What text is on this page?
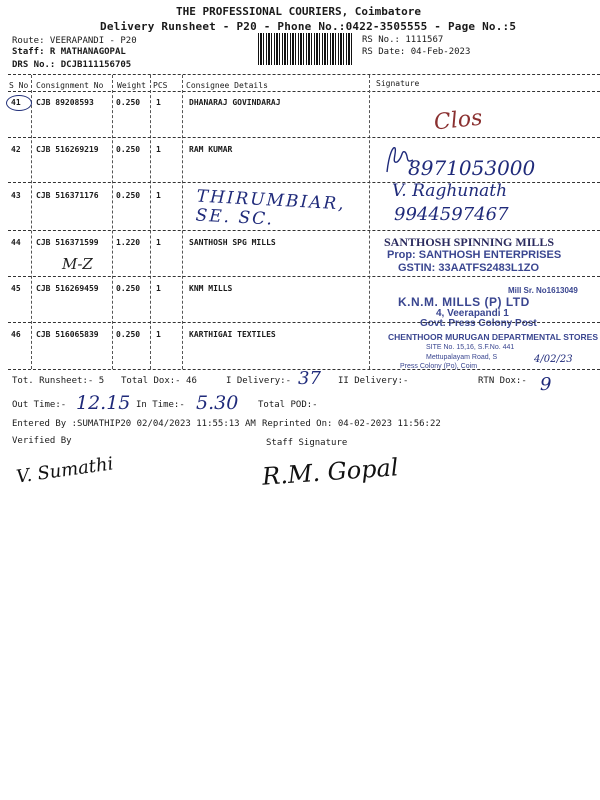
THE PROFESSIONAL COURIERS, Coimbatore
Delivery Runsheet - P20 - Phone No.:0422-3505555 - Page No.:5
Route: VEERAPANDI - P20
Staff: R MATHANAGOPAL
DRS No.: DCJB111156705
RS No.: 1111567
RS Date: 04-Feb-2023
S No Consignment No Weight PCS Consignee Details	Signature
41 CJB 89208593	0.250 1	DHANARAJ GOVINDARAJ
Clos
42 CJB 516269219 0.250 1	RAM KUMAR
8971053000
43 CJB 516371176 0.250 1 THIRUMBIAR, SE. SC.
V. Raghunath
9944597467
44 CJB 516371599 1.220 1	SANTHOSH SPG MILLS
M-Z
SANTHOSH SPINNING MILLS
Prop: SANTHOSH ENTERPRISES
GSTIN: 33AATFS2483L1ZO
45 CJB 516269459 0.250 1	KNM MILLS	Mill Sr. No1613049
K.N.M. MILLS (P) LTD
4, Veerapandi 1
Govt. Press Colony Post
46 CJB 516065839 0.250 1	KARTHIGAI TEXTILES	CHENTHOOR MURUGAN DEPARTMENTAL STORES
SITE No. 15,16, S.F.No. 441
Mettupalayam Road, S
Press Colony (Po), Coim
4/02/23
Tot. Runsheet:- 5 Total Dox:- 46	I Delivery:- 37 II Delivery:-	RTN Dox:- 9
Out Time:- 12.15 In Time:- 5.30 Total POD:-
Entered By :SUMATHIP20 02/04/2023 11:55:13 AM Reprinted On: 04-02-2023 11:56:22
Verified By	Staff Signature
V. Sumathi	R.M. Gopal
